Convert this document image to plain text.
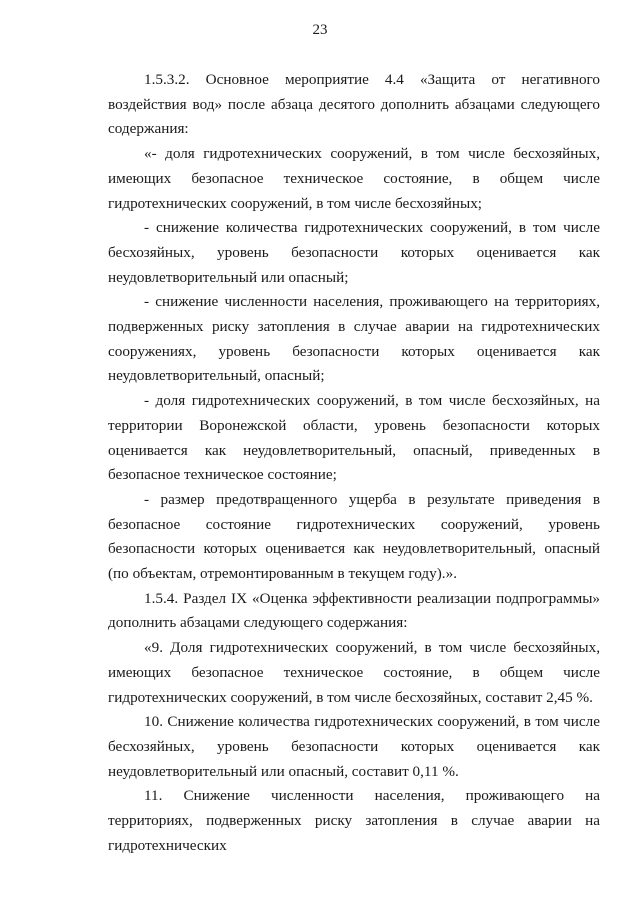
23

1.5.3.2. Основное мероприятие 4.4 «Защита от негативного воздействия вод» после абзаца десятого дополнить абзацами следующего содержания:

«- доля гидротехнических сооружений, в том числе бесхозяйных, имеющих безопасное техническое состояние, в общем числе гидротехнических сооружений, в том числе бесхозяйных;

- снижение количества гидротехнических сооружений, в том числе бесхозяйных, уровень безопасности которых оценивается как неудовлетворительный или опасный;

- снижение численности населения, проживающего на территориях, подверженных риску затопления в случае аварии на гидротехнических сооружениях, уровень безопасности которых оценивается как неудовлетворительный, опасный;

- доля гидротехнических сооружений, в том числе бесхозяйных, на территории Воронежской области, уровень безопасности которых оценивается как неудовлетворительный, опасный, приведенных в безопасное техническое состояние;

- размер предотвращенного ущерба в результате приведения в безопасное состояние гидротехнических сооружений, уровень безопасности которых оценивается как неудовлетворительный, опасный (по объектам, отремонтированным в текущем году).».

1.5.4. Раздел IX «Оценка эффективности реализации подпрограммы» дополнить абзацами следующего содержания:

«9. Доля гидротехнических сооружений, в том числе бесхозяйных, имеющих безопасное техническое состояние, в общем числе гидротехнических сооружений, в том числе бесхозяйных, составит 2,45 %.

10. Снижение количества гидротехнических сооружений, в том числе бесхозяйных, уровень безопасности которых оценивается как неудовлетворительный или опасный, составит 0,11 %.

11. Снижение численности населения, проживающего на территориях, подверженных риску затопления в случае аварии на гидротехнических
